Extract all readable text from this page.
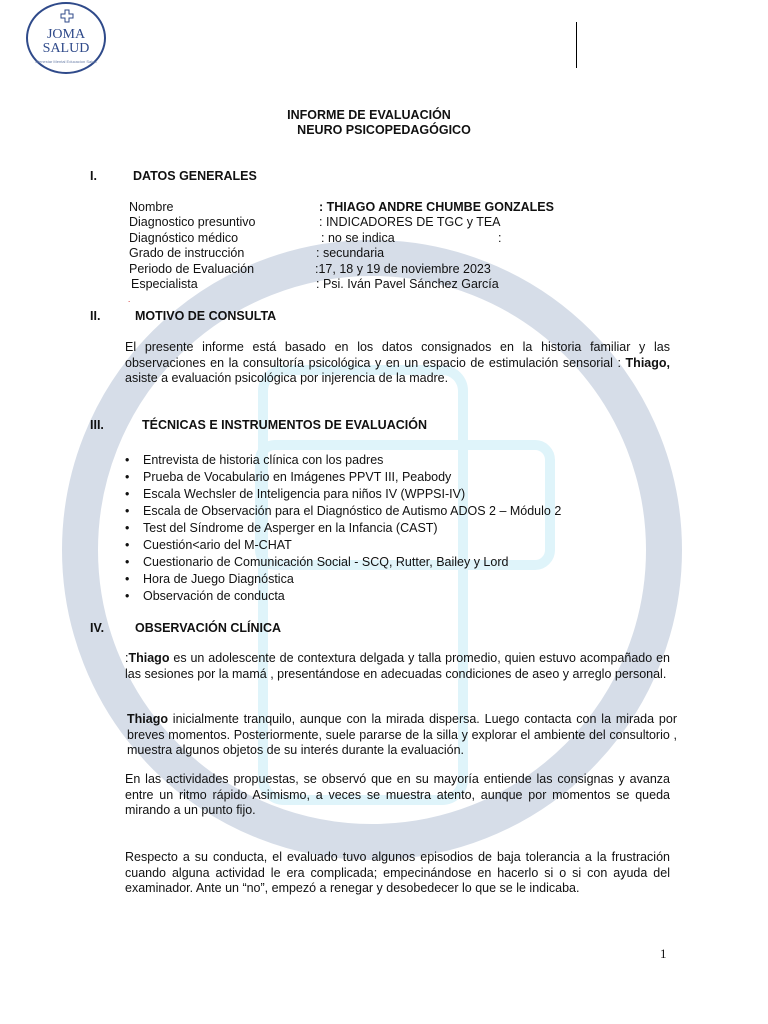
JOMA
SALUD
Bienestar Mental Educacion Salud
INFORME DE EVALUACIÓN
NEURO PSICOPEDAGÓGICO
I.	DATOS GENERALES
Nombre	: THIAGO ANDRE CHUMBE GONZALES
Diagnostico presuntivo	: INDICADORES DE TGC y TEA
Diagnóstico médico	: no se indica	:
Grado de instrucción	: secundaria
Periodo de Evaluación	:17, 18 y 19 de noviembre 2023
Especialista	: Psi. Iván Pavel Sánchez García
.
II.	MOTIVO DE CONSULTA
El presente informe está basado en los datos consignados en la historia familiar y las observaciones en la consultoría psicológica y en un espacio de estimulación sensorial : Thiago, asiste a evaluación psicológica por injerencia de la madre.
III.	TÉCNICAS E INSTRUMENTOS DE EVALUACIÓN
• Entrevista de historia clínica con los padres
• Prueba de Vocabulario en Imágenes PPVT III, Peabody
• Escala Wechsler de Inteligencia para niños IV (WPPSI-IV)
• Escala de Observación para el Diagnóstico de Autismo ADOS 2 – Módulo 2
• Test del Síndrome de Asperger en la Infancia (CAST)
• Cuestión<ario del M-CHAT
• Cuestionario de Comunicación Social - SCQ, Rutter, Bailey y Lord
• Hora de Juego Diagnóstica
• Observación de conducta
IV. OBSERVACIÓN CLÍNICA
:Thiago es un adolescente de contextura delgada y talla promedio, quien estuvo acompañado en las sesiones por la mamá , presentándose en adecuadas condiciones de aseo y arreglo personal.
Thiago inicialmente tranquilo, aunque con la mirada dispersa. Luego contacta con la mirada por breves momentos. Posteriormente, suele pararse de la silla y explorar el ambiente del consultorio , muestra algunos objetos de su interés durante la evaluación.
En las actividades propuestas, se observó que en su mayoría entiende las consignas y avanza entre un ritmo rápido Asimismo, a veces se muestra atento, aunque por momentos se queda mirando a un punto fijo.
Respecto a su conducta, el evaluado tuvo algunos episodios de baja tolerancia a la frustración cuando alguna actividad le era complicada; empecinándose en hacerlo si o si con ayuda del examinador. Ante un “no”, empezó a renegar y desobedecer lo que se le indicaba.
1
